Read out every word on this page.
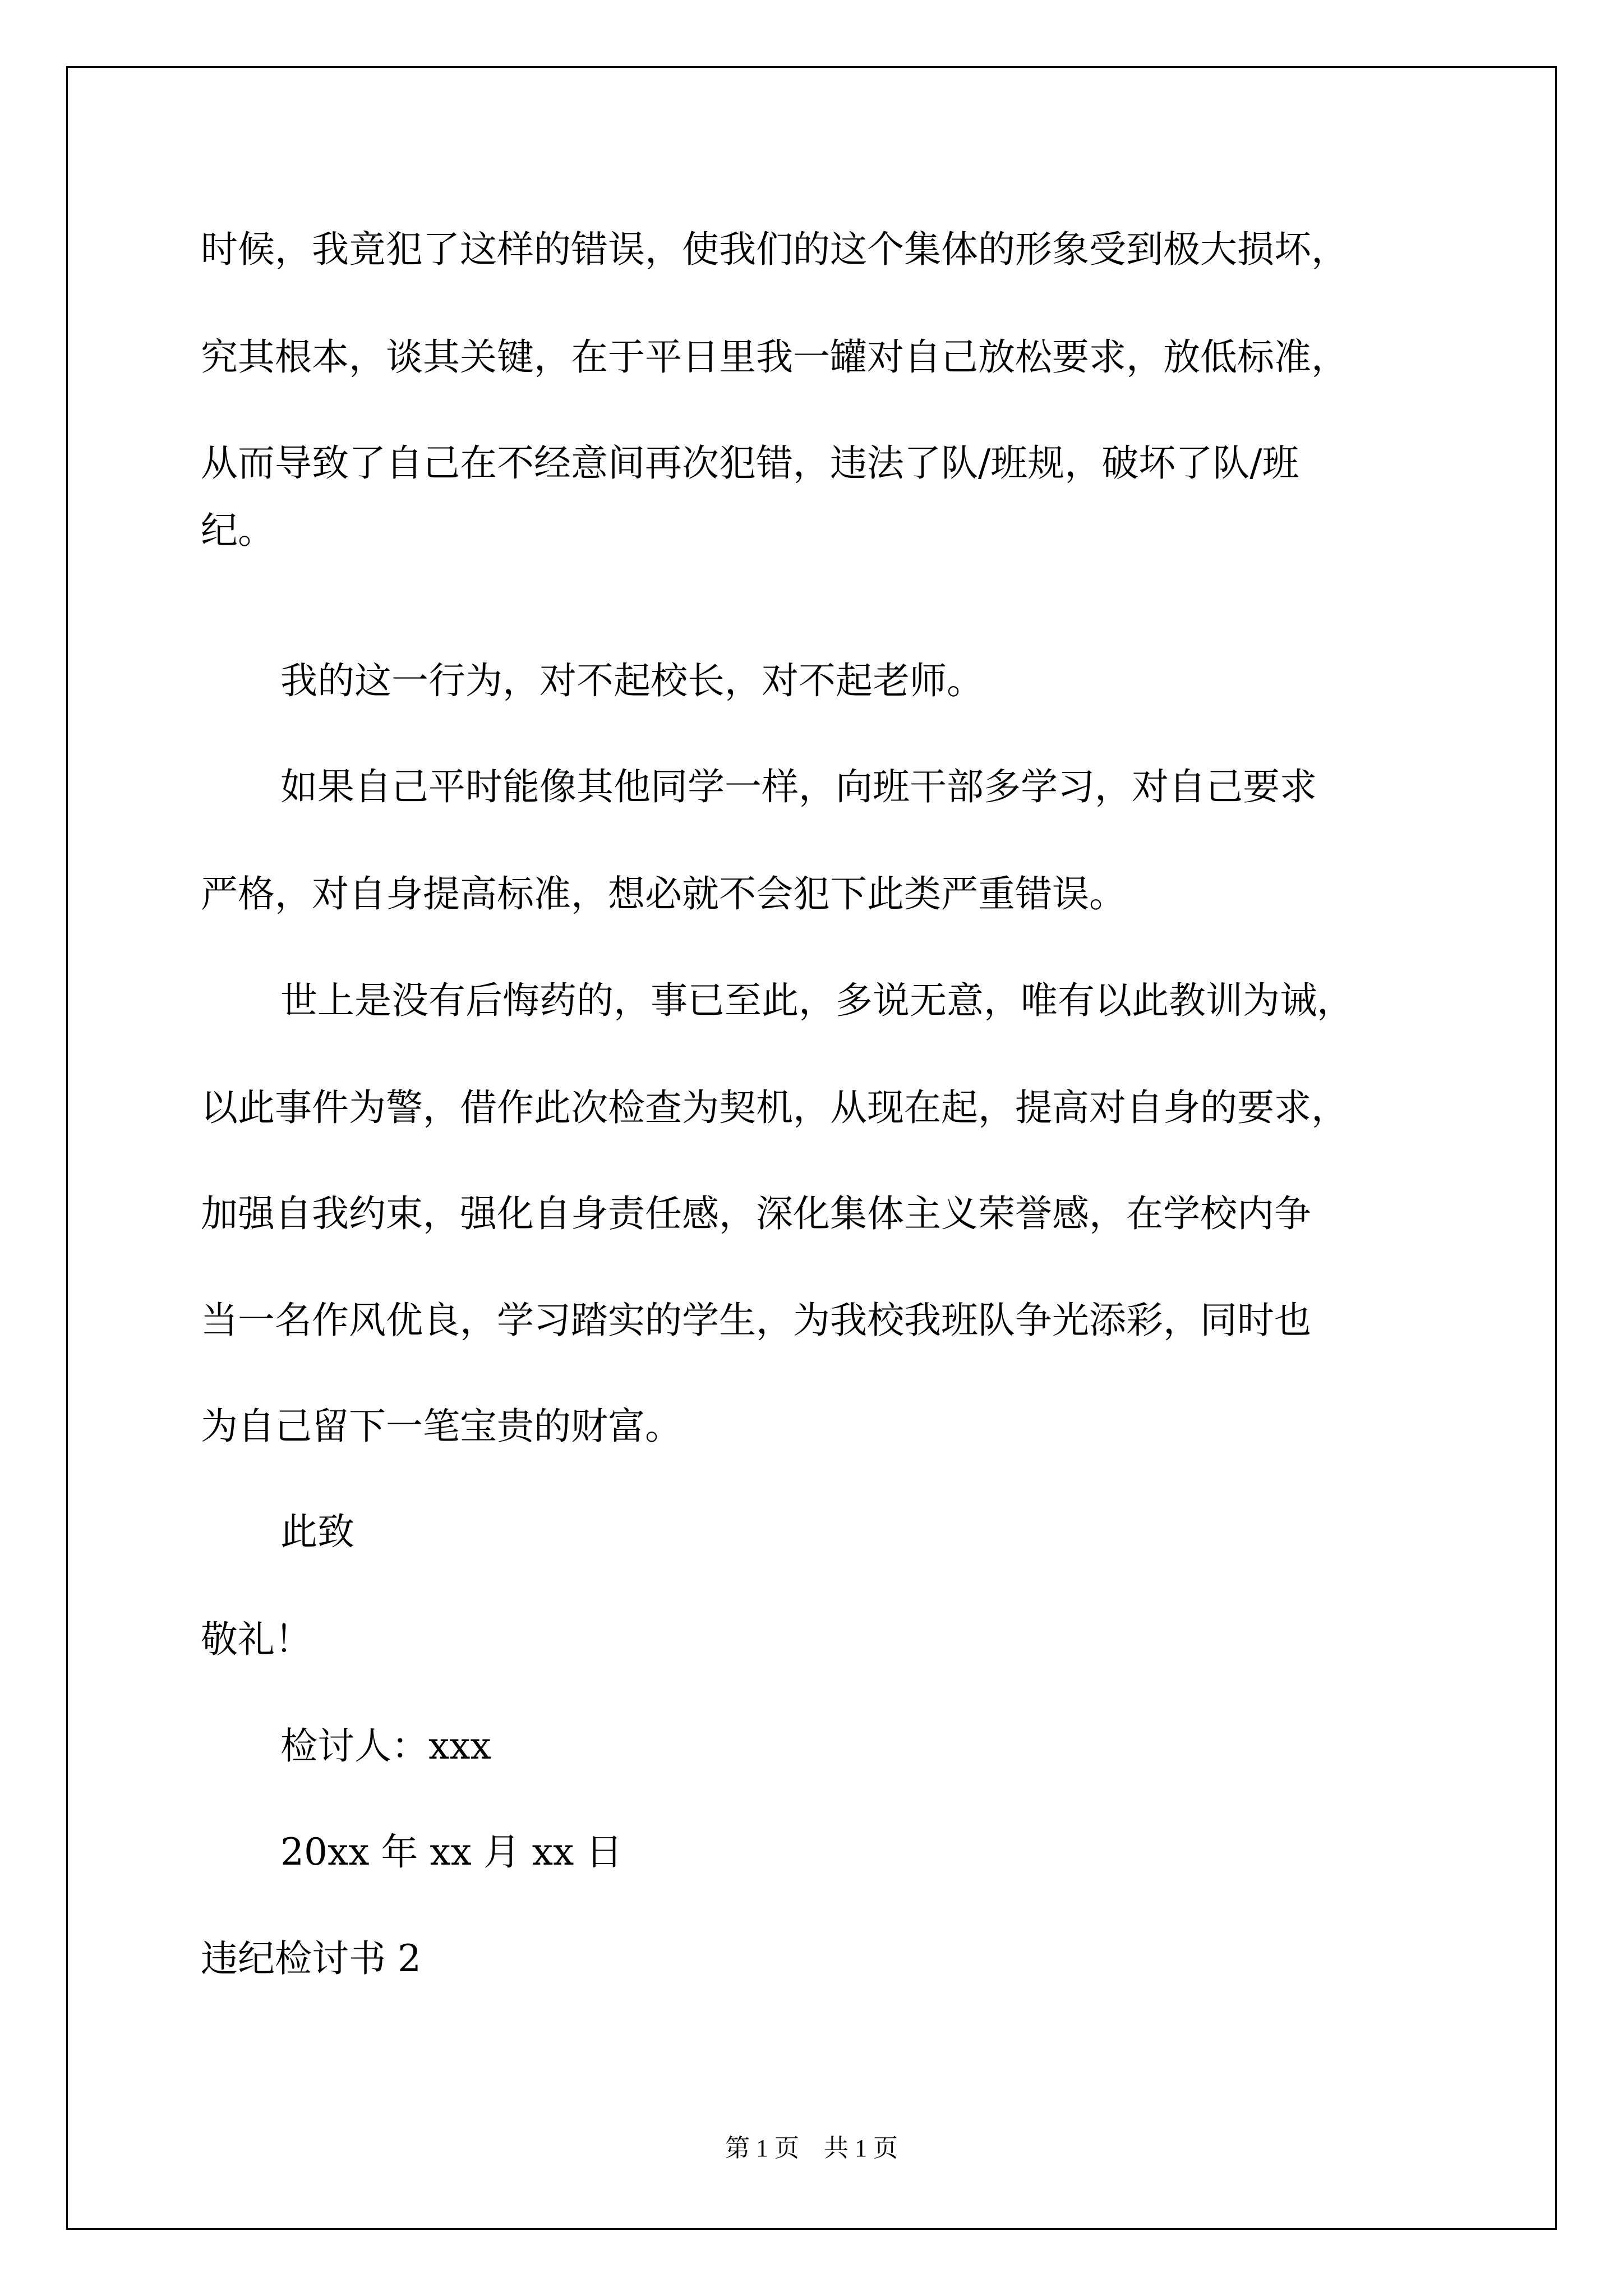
时候，我竟犯了这样的错误，使我们的这个集体的形象受到极大损坏，
究其根本，谈其关键，在于平日里我一罐对自己放松要求，放低标准，
从而导致了自己在不经意间再次犯错，违法了队/班规，破坏了队/班
纪。
我的这一行为，对不起校长，对不起老师。
如果自己平时能像其他同学一样，向班干部多学习，对自己要求
严格，对自身提高标准，想必就不会犯下此类严重错误。
世上是没有后悔药的，事已至此，多说无意，唯有以此教训为诫，
以此事件为警，借作此次检查为契机，从现在起，提高对自身的要求，
加强自我约束，强化自身责任感，深化集体主义荣誉感，在学校内争
当一名作风优良，学习踏实的学生，为我校我班队争光添彩，同时也
为自己留下一笔宝贵的财富。
此致
敬礼！
检讨人：xxx
20xx 年 xx 月 xx 日
违纪检讨书 2
第 1 页　共 1 页
